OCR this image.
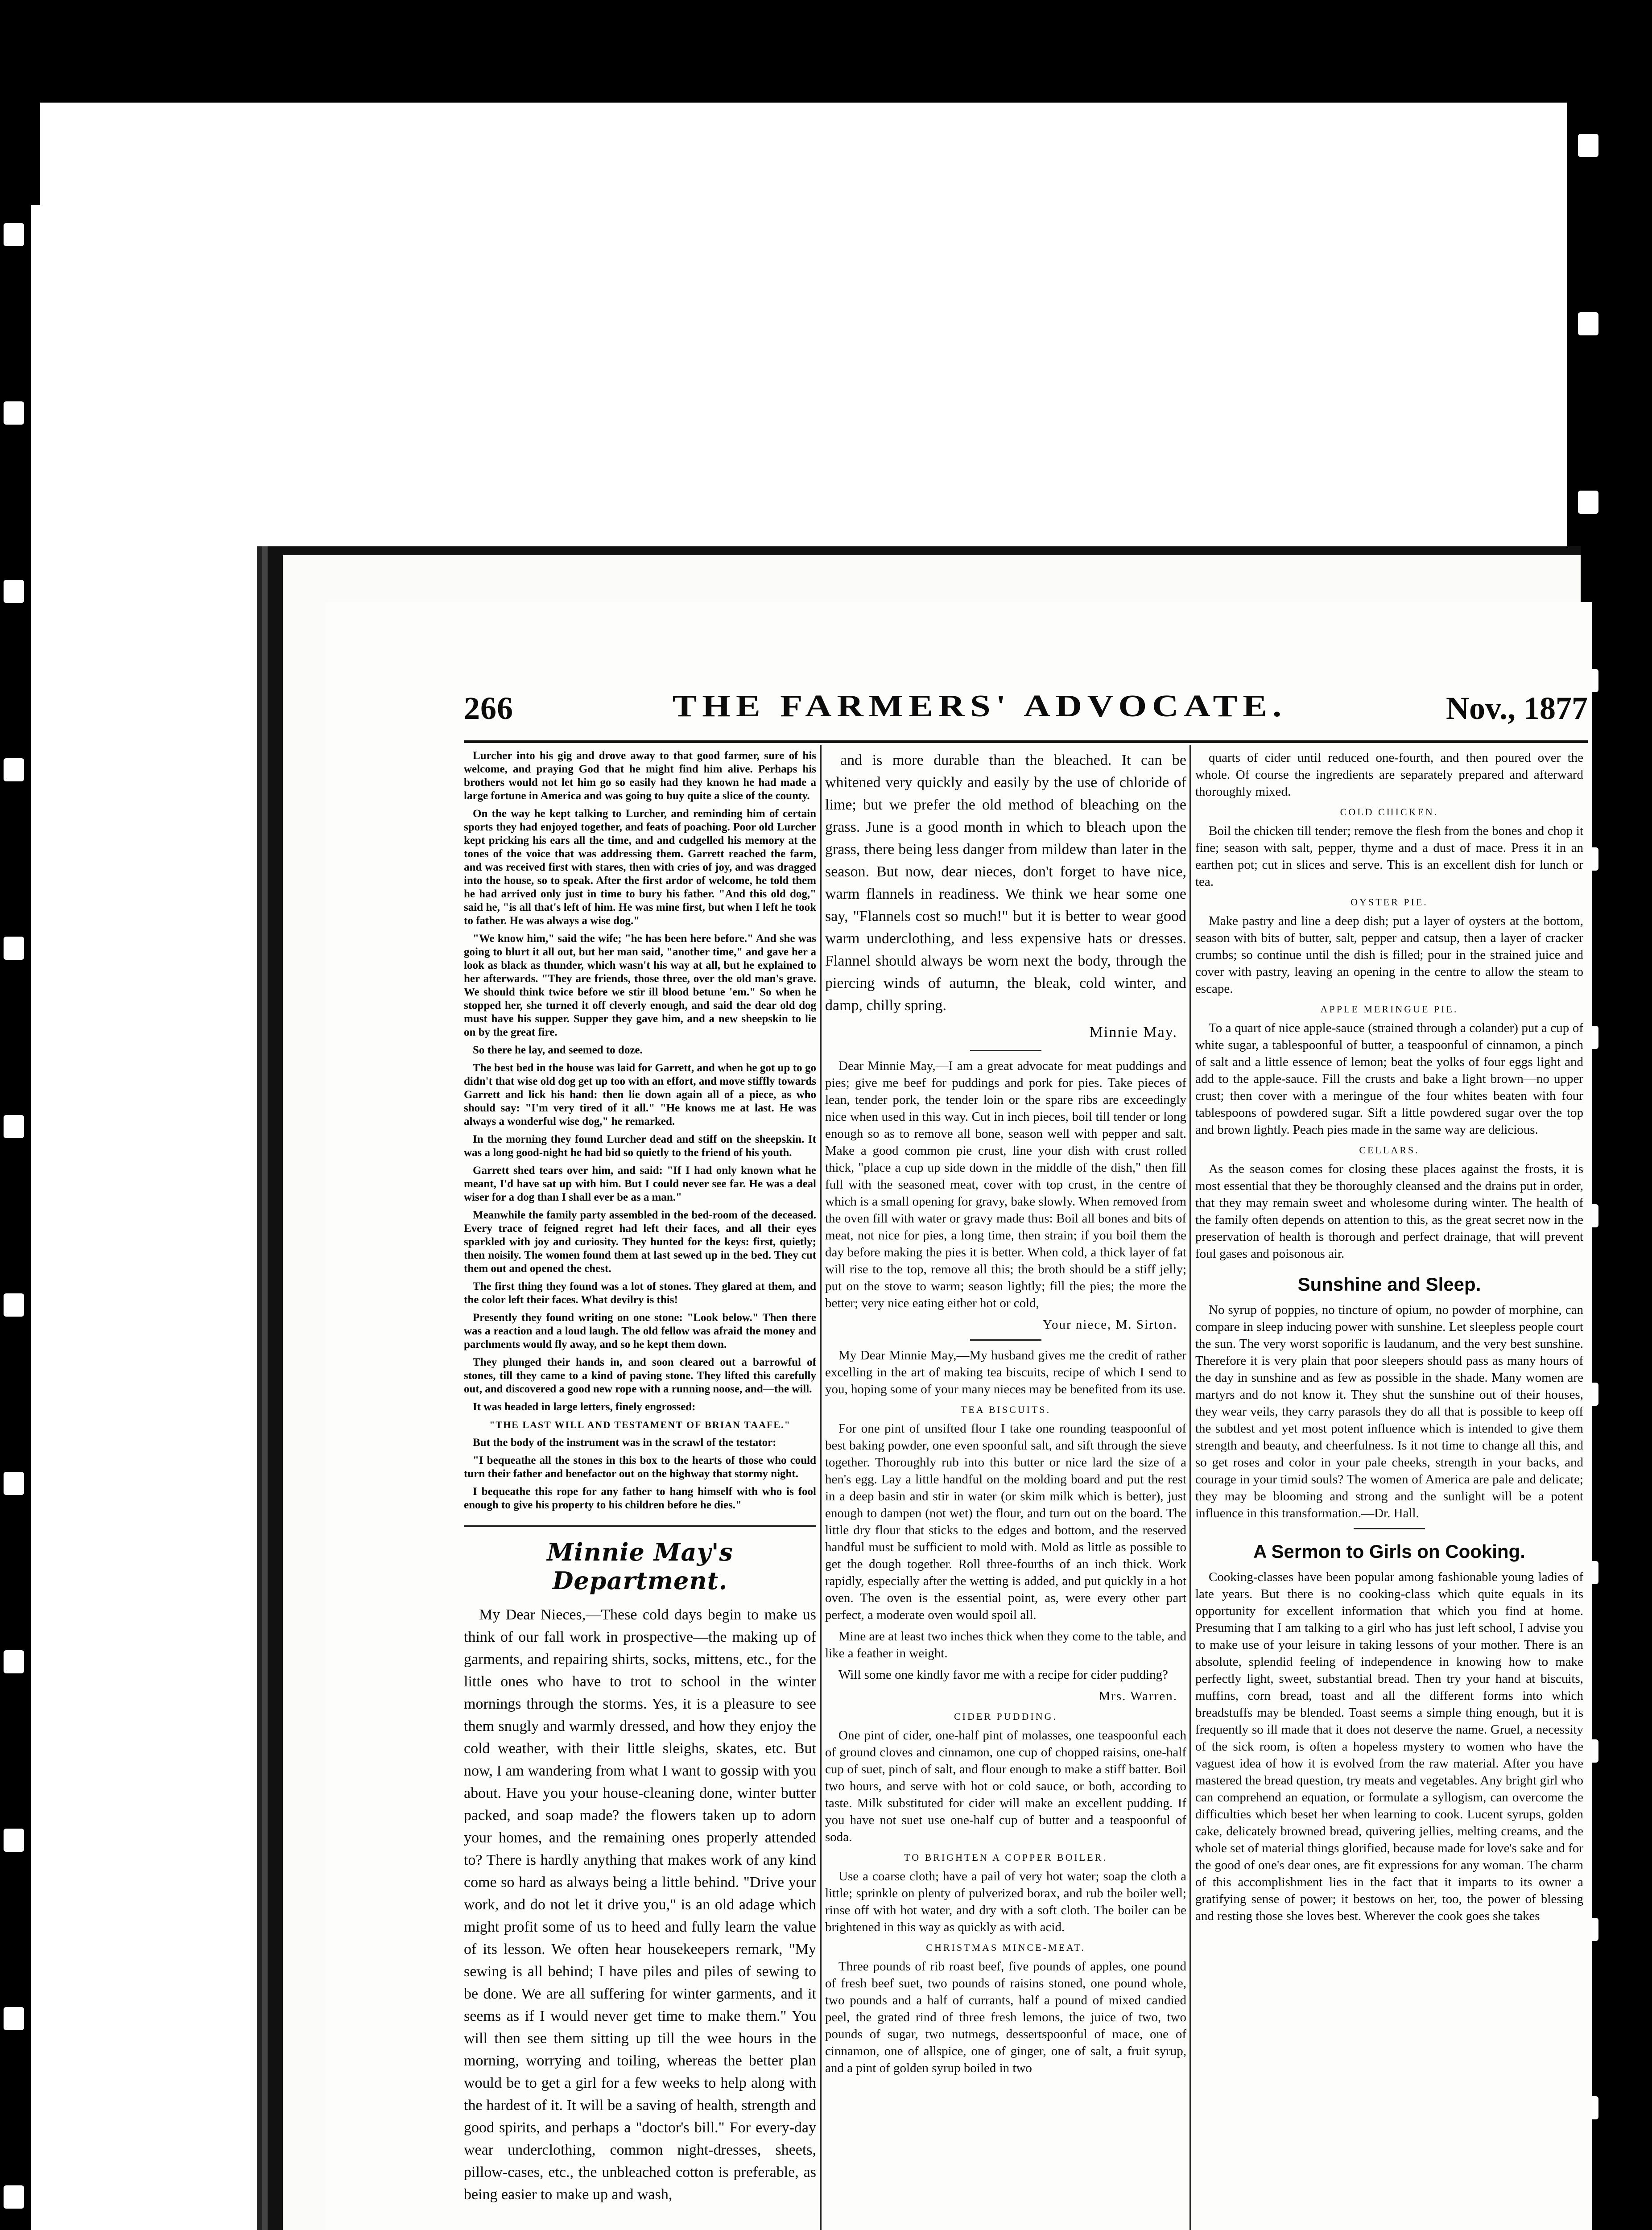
266	THE FARMERS' ADVOCATE.	Nov., 1877

Lurcher into his gig and drove away to that good farmer, sure of his welcome, and praying God that he might find him alive. Perhaps his brothers would not let him go so easily had they known he had made a large fortune in America and was going to buy quite a slice of the county.

On the way he kept talking to Lurcher, and reminding him of certain sports they had enjoyed together, and feats of poaching. Poor old Lurcher kept pricking his ears all the time, and and cudgelled his memory at the tones of the voice that was addressing them. Garrett reached the farm, and was received first with stares, then with cries of joy, and was dragged into the house, so to speak. After the first ardor of welcome, he told them he had arrived only just in time to bury his father. "And this old dog," said he, "is all that's left of him. He was mine first, but when I left he took to father. He was always a wise dog."

"We know him," said the wife; "he has been here before." And she was going to blurt it all out, but her man said, "another time," and gave her a look as black as thunder, which wasn't his way at all, but he explained to her afterwards. "They are friends, those three, over the old man's grave. We should think twice before we stir ill blood betune 'em." So when he stopped her, she turned it off cleverly enough, and said the dear old dog must have his supper. Supper they gave him, and a new sheepskin to lie on by the great fire.

So there he lay, and seemed to doze.

The best bed in the house was laid for Garrett, and when he got up to go didn't that wise old dog get up too with an effort, and move stiffly towards Garrett and lick his hand: then lie down again all of a piece, as who should say: "I'm very tired of it all." "He knows me at last. He was always a wonderful wise dog," he remarked.

In the morning they found Lurcher dead and stiff on the sheepskin. It was a long good-night he had bid so quietly to the friend of his youth.

Garrett shed tears over him, and said: "If I had only known what he meant, I'd have sat up with him. But I could never see far. He was a deal wiser for a dog than I shall ever be as a man."

Meanwhile the family party assembled in the bed-room of the deceased. Every trace of feigned regret had left their faces, and all their eyes sparkled with joy and curiosity. They hunted for the keys: first, quietly; then noisily. The women found them at last sewed up in the bed. They cut them out and opened the chest.

The first thing they found was a lot of stones. They glared at them, and the color left their faces. What devilry is this!

Presently they found writing on one stone: "Look below." Then there was a reaction and a loud laugh. The old fellow was afraid the money and parchments would fly away, and so he kept them down.

They plunged their hands in, and soon cleared out a barrowful of stones, till they came to a kind of paving stone. They lifted this carefully out, and discovered a good new rope with a running noose, and—the will.

It was headed in large letters, finely engrossed:

"THE LAST WILL AND TESTAMENT OF BRIAN TAAFE."

But the body of the instrument was in the scrawl of the testator:

"I bequeathe all the stones in this box to the hearts of those who could turn their father and benefactor out on the highway that stormy night.

I bequeathe this rope for any father to hang himself with who is fool enough to give his property to his children before he dies."

Minnie May's Department.

My Dear Nieces,—These cold days begin to make us think of our fall work in prospective—the making up of garments, and repairing shirts, socks, mittens, etc., for the little ones who have to trot to school in the winter mornings through the storms. Yes, it is a pleasure to see them snugly and warmly dressed, and how they enjoy the cold weather, with their little sleighs, skates, etc. But now, I am wandering from what I want to gossip with you about. Have you your house-cleaning done, winter butter packed, and soap made? the flowers taken up to adorn your homes, and the remaining ones properly attended to? There is hardly anything that makes work of any kind come so hard as always being a little behind. "Drive your work, and do not let it drive you," is an old adage which might profit some of us to heed and fully learn the value of its lesson. We often hear housekeepers remark, "My sewing is all behind; I have piles and piles of sewing to be done. We are all suffering for winter garments, and it seems as if I would never get time to make them." You will then see them sitting up till the wee hours in the morning, worrying and toiling, whereas the better plan would be to get a girl for a few weeks to help along with the hardest of it. It will be a saving of health, strength and good spirits, and perhaps a "doctor's bill." For every-day wear underclothing, common night-dresses, sheets, pillow-cases, etc., the unbleached cotton is preferable, as being easier to make up and wash,

and is more durable than the bleached. It can be whitened very quickly and easily by the use of chloride of lime; but we prefer the old method of bleaching on the grass. June is a good month in which to bleach upon the grass, there being less danger from mildew than later in the season. But now, dear nieces, don't forget to have nice, warm flannels in readiness. We think we hear some one say, "Flannels cost so much!" but it is better to wear good warm underclothing, and less expensive hats or dresses. Flannel should always be worn next the body, through the piercing winds of autumn, the bleak, cold winter, and damp, chilly spring.

Minnie May.

Dear Minnie May,—I am a great advocate for meat puddings and pies; give me beef for puddings and pork for pies. Take pieces of lean, tender pork, the tender loin or the spare ribs are exceedingly nice when used in this way. Cut in inch pieces, boil till tender or long enough so as to remove all bone, season well with pepper and salt. Make a good common pie crust, line your dish with crust rolled thick, "place a cup up side down in the middle of the dish," then fill full with the seasoned meat, cover with top crust, in the centre of which is a small opening for gravy, bake slowly. When removed from the oven fill with water or gravy made thus: Boil all bones and bits of meat, not nice for pies, a long time, then strain; if you boil them the day before making the pies it is better. When cold, a thick layer of fat will rise to the top, remove all this; the broth should be a stiff jelly; put on the stove to warm; season lightly; fill the pies; the more the better; very nice eating either hot or cold,

Your niece, M. Sirton.

My Dear Minnie May,—My husband gives me the credit of rather excelling in the art of making tea biscuits, recipe of which I send to you, hoping some of your many nieces may be benefited from its use.

TEA BISCUITS.

For one pint of unsifted flour I take one rounding teaspoonful of best baking powder, one even spoonful salt, and sift through the sieve together. Thoroughly rub into this butter or nice lard the size of a hen's egg. Lay a little handful on the molding board and put the rest in a deep basin and stir in water (or skim milk which is better), just enough to dampen (not wet) the flour, and turn out on the board. The little dry flour that sticks to the edges and bottom, and the reserved handful must be sufficient to mold with. Mold as little as possible to get the dough together. Roll three-fourths of an inch thick. Work rapidly, especially after the wetting is added, and put quickly in a hot oven. The oven is the essential point, as, were every other part perfect, a moderate oven would spoil all.

Mine are at least two inches thick when they come to the table, and like a feather in weight.

Will some one kindly favor me with a recipe for cider pudding?

Mrs. Warren.

CIDER PUDDING.

One pint of cider, one-half pint of molasses, one teaspoonful each of ground cloves and cinnamon, one cup of chopped raisins, one-half cup of suet, pinch of salt, and flour enough to make a stiff batter. Boil two hours, and serve with hot or cold sauce, or both, according to taste. Milk substituted for cider will make an excellent pudding. If you have not suet use one-half cup of butter and a teaspoonful of soda.

TO BRIGHTEN A COPPER BOILER.

Use a coarse cloth; have a pail of very hot water; soap the cloth a little; sprinkle on plenty of pulverized borax, and rub the boiler well; rinse off with hot water, and dry with a soft cloth. The boiler can be brightened in this way as quickly as with acid.

CHRISTMAS MINCE-MEAT.

Three pounds of rib roast beef, five pounds of apples, one pound of fresh beef suet, two pounds of raisins stoned, one pound whole, two pounds and a half of currants, half a pound of mixed candied peel, the grated rind of three fresh lemons, the juice of two, two pounds of sugar, two nutmegs, dessertspoonful of mace, one of cinnamon, one of allspice, one of ginger, one of salt, a fruit syrup, and a pint of golden syrup boiled in two

quarts of cider until reduced one-fourth, and then poured over the whole. Of course the ingredients are separately prepared and afterward thoroughly mixed.

COLD CHICKEN.

Boil the chicken till tender; remove the flesh from the bones and chop it fine; season with salt, pepper, thyme and a dust of mace. Press it in an earthen pot; cut in slices and serve. This is an excellent dish for lunch or tea.

OYSTER PIE.

Make pastry and line a deep dish; put a layer of oysters at the bottom, season with bits of butter, salt, pepper and catsup, then a layer of cracker crumbs; so continue until the dish is filled; pour in the strained juice and cover with pastry, leaving an opening in the centre to allow the steam to escape.

APPLE MERINGUE PIE.

To a quart of nice apple-sauce (strained through a colander) put a cup of white sugar, a tablespoonful of butter, a teaspoonful of cinnamon, a pinch of salt and a little essence of lemon; beat the yolks of four eggs light and add to the apple-sauce. Fill the crusts and bake a light brown—no upper crust; then cover with a meringue of the four whites beaten with four tablespoons of powdered sugar. Sift a little powdered sugar over the top and brown lightly. Peach pies made in the same way are delicious.

CELLARS.

As the season comes for closing these places against the frosts, it is most essential that they be thoroughly cleansed and the drains put in order, that they may remain sweet and wholesome during winter. The health of the family often depends on attention to this, as the great secret now in the preservation of health is thorough and perfect drainage, that will prevent foul gases and poisonous air.

Sunshine and Sleep.

No syrup of poppies, no tincture of opium, no powder of morphine, can compare in sleep inducing power with sunshine. Let sleepless people court the sun. The very worst soporific is laudanum, and the very best sunshine. Therefore it is very plain that poor sleepers should pass as many hours of the day in sunshine and as few as possible in the shade. Many women are martyrs and do not know it. They shut the sunshine out of their houses, they wear veils, they carry parasols they do all that is possible to keep off the subtlest and yet most potent influence which is intended to give them strength and beauty, and cheerfulness. Is it not time to change all this, and so get roses and color in your pale cheeks, strength in your backs, and courage in your timid souls? The women of America are pale and delicate; they may be blooming and strong and the sunlight will be a potent influence in this transformation.—Dr. Hall.

A Sermon to Girls on Cooking.

Cooking-classes have been popular among fashionable young ladies of late years. But there is no cooking-class which quite equals in its opportunity for excellent information that which you find at home. Presuming that I am talking to a girl who has just left school, I advise you to make use of your leisure in taking lessons of your mother. There is an absolute, splendid feeling of independence in knowing how to make perfectly light, sweet, substantial bread. Then try your hand at biscuits, muffins, corn bread, toast and all the different forms into which breadstuffs may be blended. Toast seems a simple thing enough, but it is frequently so ill made that it does not deserve the name. Gruel, a necessity of the sick room, is often a hopeless mystery to women who have the vaguest idea of how it is evolved from the raw material. After you have mastered the bread question, try meats and vegetables. Any bright girl who can comprehend an equation, or formulate a syllogism, can overcome the difficulties which beset her when learning to cook. Lucent syrups, golden cake, delicately browned bread, quivering jellies, melting creams, and the whole set of material things glorified, because made for love's sake and for the good of one's dear ones, are fit expressions for any woman. The charm of this accomplishment lies in the fact that it imparts to its owner a gratifying sense of power; it bestows on her, too, the power of blessing and resting those she loves best. Wherever the cook goes she takes
